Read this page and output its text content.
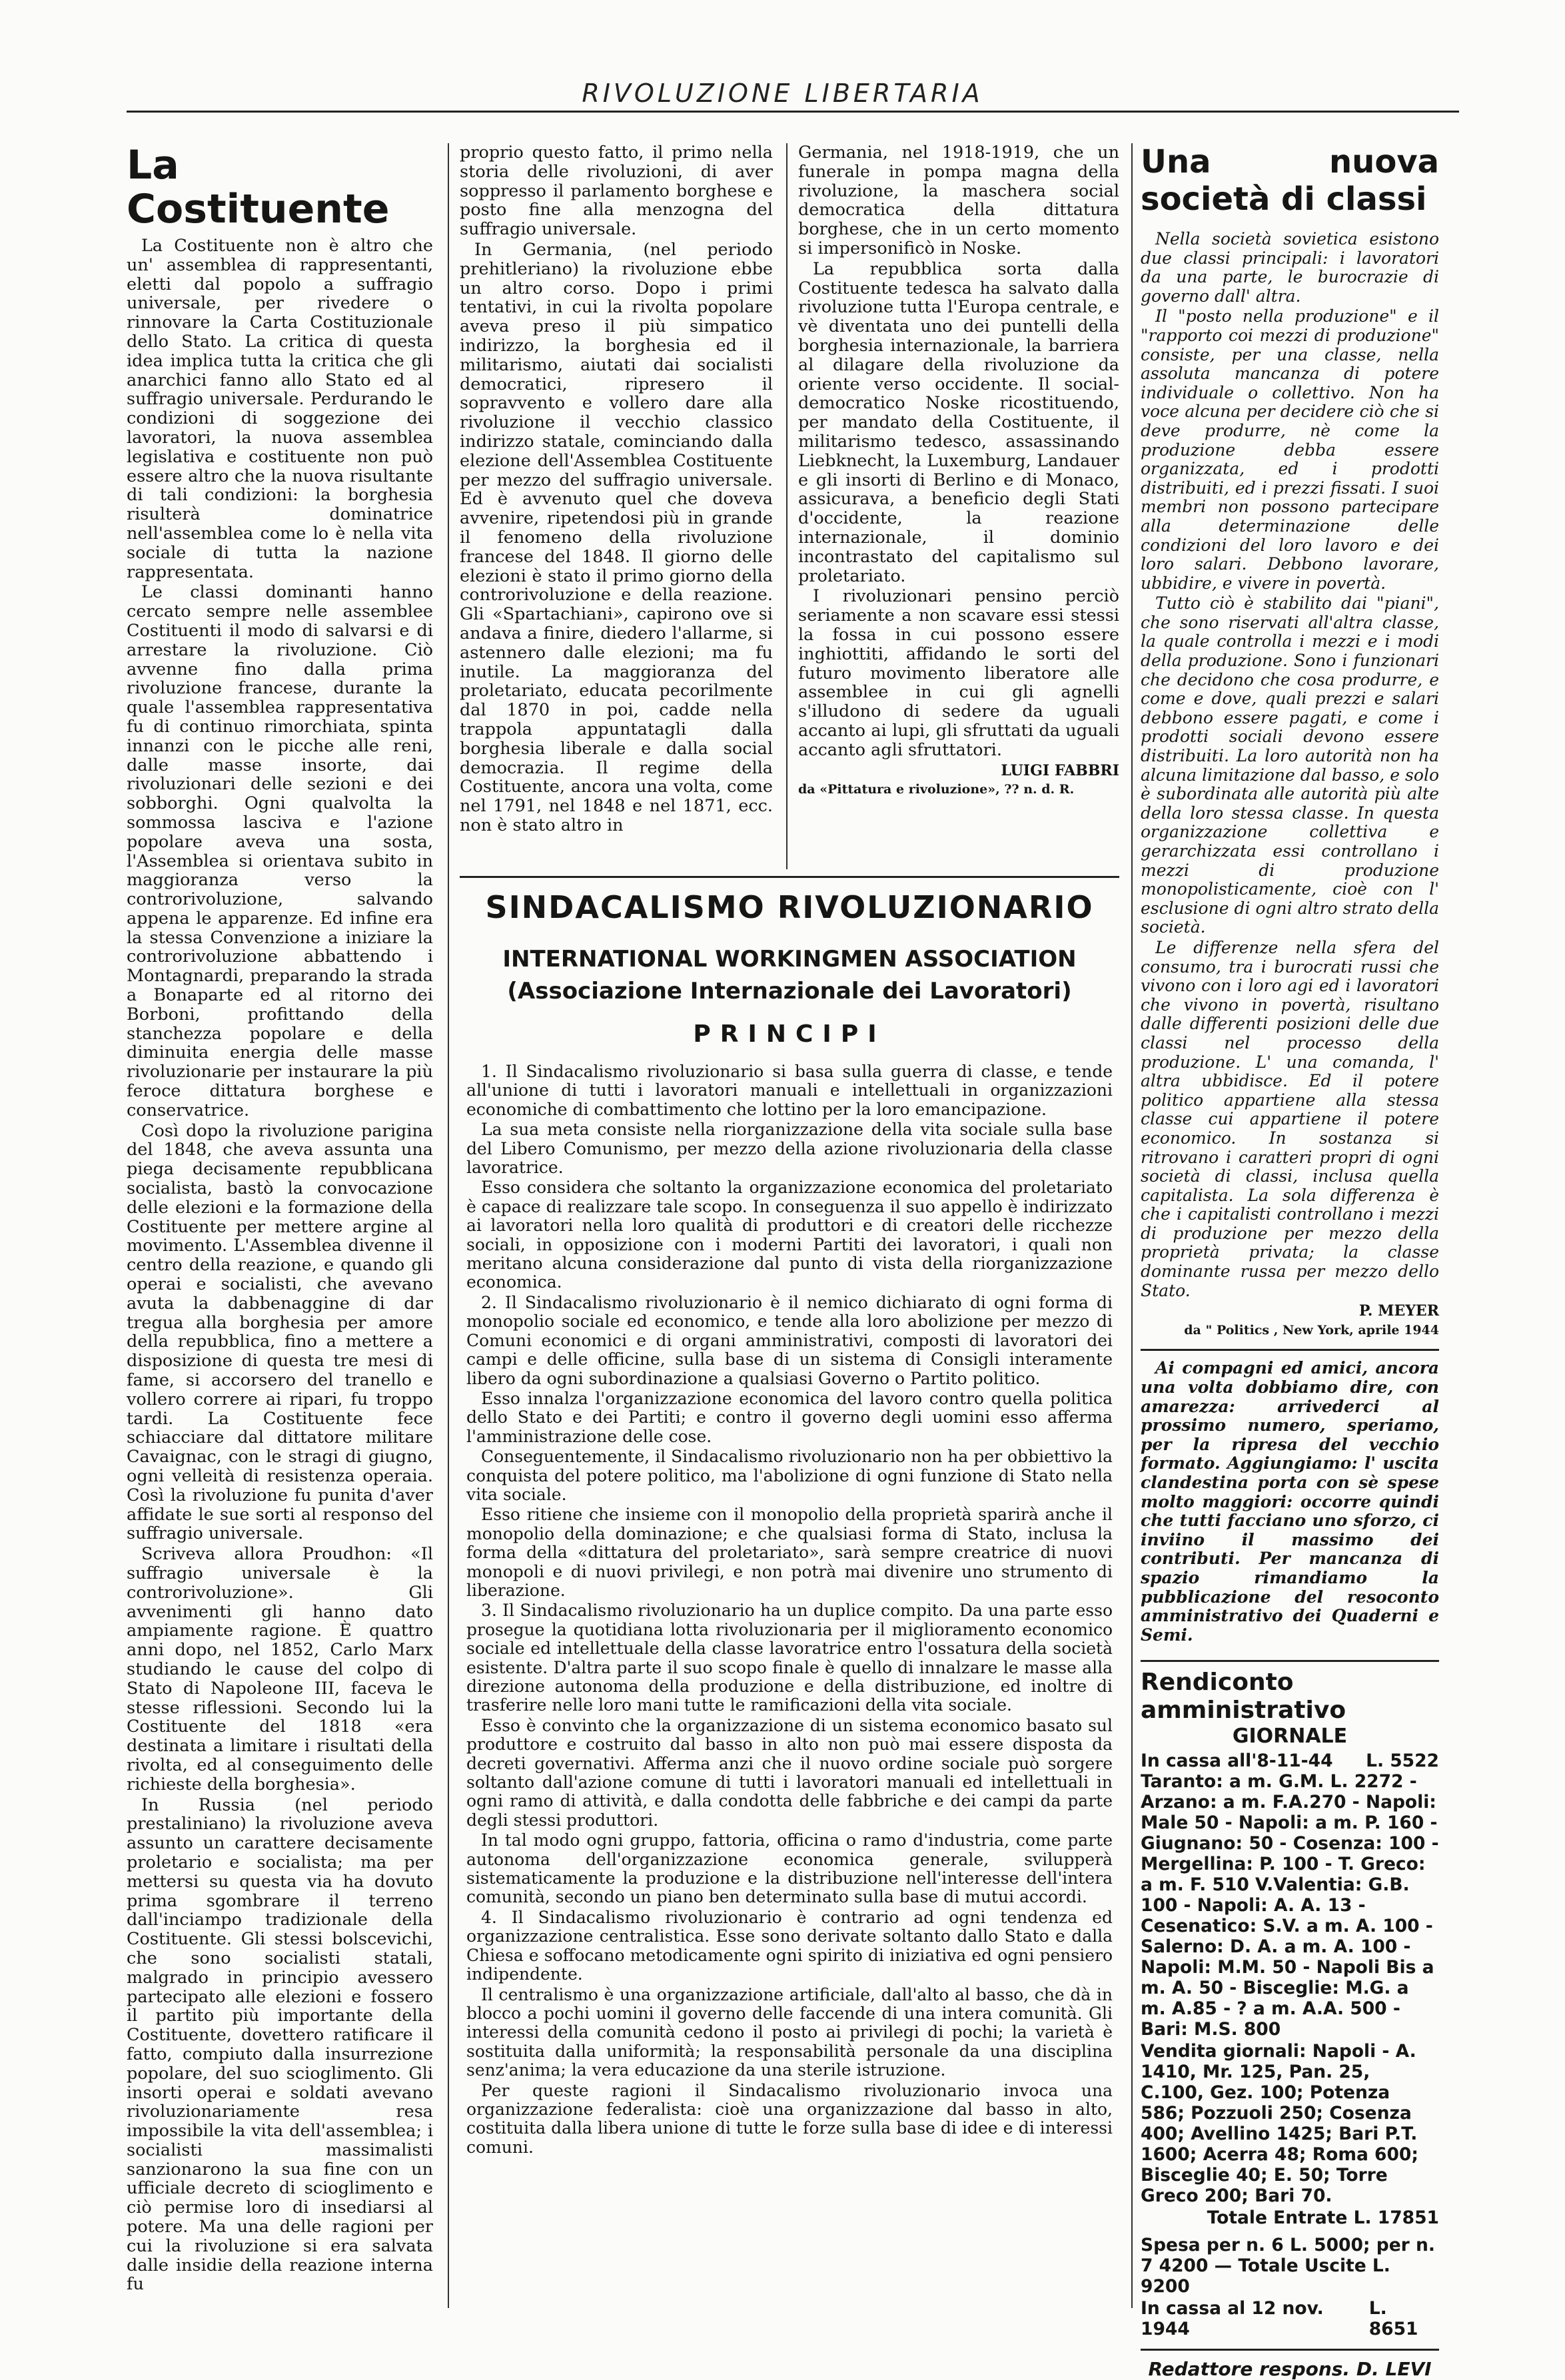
RIVOLUZIONE LIBERTARIA
La Costituente

La Costituente non è altro che un' assemblea di rappresentanti, eletti dal popolo a suffragio universale, per rivedere o rinnovare la Carta Costituzionale dello Stato. La critica di questa idea implica tutta la critica che gli anarchici fanno allo Stato ed al suffragio universale. Perdurando le condizioni di soggezione dei lavoratori, la nuova assemblea legislativa e costituente non può essere altro che la nuova risultante di tali condizioni: la borghesia risulterà dominatrice nell'assemblea come lo è nella vita sociale di tutta la nazione rappresentata.

Le classi dominanti hanno cercato sempre nelle assemblee Costituenti il modo di salvarsi e di arrestare la rivoluzione. Ciò avvenne fino dalla prima rivoluzione francese, durante la quale l'assemblea rappresentativa fu di continuo rimorchiata, spinta innanzi con le picche alle reni, dalle masse insorte, dai rivoluzionari delle sezioni e dei sobborghi. Ogni qualvolta la sommossa lasciva e l'azione popolare aveva una sosta, l'Assemblea si orientava subito in maggioranza verso la controrivoluzione, salvando appena le apparenze. Ed infine era la stessa Convenzione a iniziare la controrivoluzione abbattendo i Montagnardi, preparando la strada a Bonaparte ed al ritorno dei Borboni, profittando della stanchezza popolare e della diminuita energia delle masse rivoluzionarie per instaurare la più feroce dittatura borghese e conservatrice.

Così dopo la rivoluzione parigina del 1848, che aveva assunta una piega decisamente repubblicana socialista, bastò la convocazione delle elezioni e la formazione della Costituente per mettere argine al movimento. L'Assemblea divenne il centro della reazione, e quando gli operai e socialisti, che avevano avuta la dabbenaggine di dar tregua alla borghesia per amore della repubblica, fino a mettere a disposizione di questa tre mesi di fame, si accorsero del tranello e vollero correre ai ripari, fu troppo tardi. La Costituente fece schiacciare dal dittatore militare Cavaignac, con le stragi di giugno, ogni velleità di resistenza operaia. Così la rivoluzione fu punita d'aver affidate le sue sorti al responso del suffragio universale.

Scriveva allora Proudhon: «Il suffragio universale è la controrivoluzione». Gli avvenimenti gli hanno dato ampiamente ragione. È quattro anni dopo, nel 1852, Carlo Marx studiando le cause del colpo di Stato di Napoleone III, faceva le stesse riflessioni. Secondo lui la Costituente del 1818 «era destinata a limitare i risultati della rivolta, ed al conseguimento delle richieste della borghesia».

In Russia (nel periodo prestaliniano) la rivoluzione aveva assunto un carattere decisamente proletario e socialista; ma per mettersi su questa via ha dovuto prima sgombrare il terreno dall'inciampo tradizionale della Costituente. Gli stessi bolscevichi, che sono socialisti statali, malgrado in principio avessero partecipato alle elezioni e fossero il partito più importante della Costituente, dovettero ratificare il fatto, compiuto dalla insurrezione popolare, del suo scioglimento. Gli insorti operai e soldati avevano rivoluzionariamente resa impossibile la vita dell'assemblea; i socialisti massimalisti sanzionarono la sua fine con un ufficiale decreto di scioglimento e ciò permise loro di insediarsi al potere. Ma una delle ragioni per cui la rivoluzione si era salvata dalle insidie della reazione interna fu

proprio questo fatto, il primo nella storia delle rivoluzioni, di aver soppresso il parlamento borghese e posto fine alla menzogna del suffragio universale.

In Germania, (nel periodo prehitleriano) la rivoluzione ebbe un altro corso. Dopo i primi tentativi, in cui la rivolta popolare aveva preso il più simpatico indirizzo, la borghesia ed il militarismo, aiutati dai socialisti democratici, ripresero il sopravvento e vollero dare alla rivoluzione il vecchio classico indirizzo statale, cominciando dalla elezione dell'Assemblea Costituente per mezzo del suffragio universale. Ed è avvenuto quel che doveva avvenire, ripetendosi più in grande il fenomeno della rivoluzione francese del 1848. Il giorno delle elezioni è stato il primo giorno della controrivoluzione e della reazione. Gli «Spartachiani», capirono ove si andava a finire, diedero l'allarme, si astennero dalle elezioni; ma fu inutile. La maggioranza del proletariato, educata pecorilmente dal 1870 in poi, cadde nella trappola appuntatagli dalla borghesia liberale e dalla social democrazia. Il regime della Costituente, ancora una volta, come nel 1791, nel 1848 e nel 1871, ecc. non è stato altro in

Germania, nel 1918-1919, che un funerale in pompa magna della rivoluzione, la maschera social democratica della dittatura borghese, che in un certo momento si impersonificò in Noske.

La repubblica sorta dalla Costituente tedesca ha salvato dalla rivoluzione tutta l'Europa centrale, e vè diventata uno dei puntelli della borghesia internazionale, la barriera al dilagare della rivoluzione da oriente verso occidente. Il social-democratico Noske ricostituendo, per mandato della Costituente, il militarismo tedesco, assassinando Liebknecht, la Luxemburg, Landauer e gli insorti di Berlino e di Monaco, assicurava, a beneficio degli Stati d'occidente, la reazione internazionale, il dominio incontrastato del capitalismo sul proletariato.

I rivoluzionari pensino perciò seriamente a non scavare essi stessi la fossa in cui possono essere inghiottiti, affidando le sorti del futuro movimento liberatore alle assemblee in cui gli agnelli s'illudono di sedere da uguali accanto ai lupi, gli sfruttati da uguali accanto agli sfruttatori.

LUIGI FABBRI
da «Pittatura e rivoluzione», ?? n. d. R.
SINDACALISMO RIVOLUZIONARIO
INTERNATIONAL WORKINGMEN ASSOCIATION
(Associazione Internazionale dei Lavoratori)
PRINCIPI

1. Il Sindacalismo rivoluzionario si basa sulla guerra di classe, e tende all'unione di tutti i lavoratori manuali e intellettuali in organizzazioni economiche di combattimento che lottino per la loro emancipazione.

La sua meta consiste nella riorganizzazione della vita sociale sulla base del Libero Comunismo, per mezzo della azione rivoluzionaria della classe lavoratrice.

Esso considera che soltanto la organizzazione economica del proletariato è capace di realizzare tale scopo. In conseguenza il suo appello è indirizzato ai lavoratori nella loro qualità di produttori e di creatori delle ricchezze sociali, in opposizione con i moderni Partiti dei lavoratori, i quali non meritano alcuna considerazione dal punto di vista della riorganizzazione economica.

2. Il Sindacalismo rivoluzionario è il nemico dichiarato di ogni forma di monopolio sociale ed economico, e tende alla loro abolizione per mezzo di Comuni economici e di organi amministrativi, composti di lavoratori dei campi e delle officine, sulla base di un sistema di Consigli interamente libero da ogni subordinazione a qualsiasi Governo o Partito politico.

Esso innalza l'organizzazione economica del lavoro contro quella politica dello Stato e dei Partiti; e contro il governo degli uomini esso afferma l'amministrazione delle cose.

Conseguentemente, il Sindacalismo rivoluzionario non ha per obbiettivo la conquista del potere politico, ma l'abolizione di ogni funzione di Stato nella vita sociale.

Esso ritiene che insieme con il monopolio della proprietà sparirà anche il monopolio della dominazione; e che qualsiasi forma di Stato, inclusa la forma della «dittatura del proletariato», sarà sempre creatrice di nuovi monopoli e di nuovi privilegi, e non potrà mai divenire uno strumento di liberazione.

3. Il Sindacalismo rivoluzionario ha un duplice compito. Da una parte esso prosegue la quotidiana lotta rivoluzionaria per il miglioramento economico sociale ed intellettuale della classe lavoratrice entro l'ossatura della società esistente. D'altra parte il suo scopo finale è quello di innalzare le masse alla direzione autonoma della produzione e della distribuzione, ed inoltre di trasferire nelle loro mani tutte le ramificazioni della vita sociale.

Esso è convinto che la organizzazione di un sistema economico basato sul produttore e costruito dal basso in alto non può mai essere disposta da decreti governativi. Afferma anzi che il nuovo ordine sociale può sorgere soltanto dall'azione comune di tutti i lavoratori manuali ed intellettuali in ogni ramo di attività, e dalla condotta delle fabbriche e dei campi da parte degli stessi produttori.

In tal modo ogni gruppo, fattoria, officina o ramo d'industria, come parte autonoma dell'organizzazione economica generale, svilupperà sistematicamente la produzione e la distribuzione nell'interesse dell'intera comunità, secondo un piano ben determinato sulla base di mutui accordi.

4. Il Sindacalismo rivoluzionario è contrario ad ogni tendenza ed organizzazione centralistica. Esse sono derivate soltanto dallo Stato e dalla Chiesa e soffocano metodicamente ogni spirito di iniziativa ed ogni pensiero indipendente.

Il centralismo è una organizzazione artificiale, dall'alto al basso, che dà in blocco a pochi uomini il governo delle faccende di una intera comunità. Gli interessi della comunità cedono il posto ai privilegi di pochi; la varietà è sostituita dalla uniformità; la responsabilità personale da una disciplina senz'anima; la vera educazione da una sterile istruzione.

Per queste ragioni il Sindacalismo rivoluzionario invoca una organizzazione federalista: cioè una organizzazione dal basso in alto, costituita dalla libera unione di tutte le forze sulla base di idee e di interessi comuni.

Una nuova società di classi

Nella società sovietica esistono due classi principali: i lavoratori da una parte, le burocrazie di governo dall' altra.

Il "posto nella produzione" e il "rapporto coi mezzi di produzione" consiste, per una classe, nella assoluta mancanza di potere individuale o collettivo. Non ha voce alcuna per decidere ciò che si deve produrre, nè come la produzione debba essere organizzata, ed i prodotti distribuiti, ed i prezzi fissati. I suoi membri non possono partecipare alla determinazione delle condizioni del loro lavoro e dei loro salari. Debbono lavorare, ubbidire, e vivere in povertà.

Tutto ciò è stabilito dai "piani", che sono riservati all'altra classe, la quale controlla i mezzi e i modi della produzione. Sono i funzionari che decidono che cosa produrre, e come e dove, quali prezzi e salari debbono essere pagati, e come i prodotti sociali devono essere distribuiti. La loro autorità non ha alcuna limitazione dal basso, e solo è subordinata alle autorità più alte della loro stessa classe. In questa organizzazione collettiva e gerarchizzata essi controllano i mezzi di produzione monopolisticamente, cioè con l' esclusione di ogni altro strato della società.

Le differenze nella sfera del consumo, tra i burocrati russi che vivono con i loro agi ed i lavoratori che vivono in povertà, risultano dalle differenti posizioni delle due classi nel processo della produzione. L' una comanda, l' altra ubbidisce. Ed il potere politico appartiene alla stessa classe cui appartiene il potere economico. In sostanza si ritrovano i caratteri propri di ogni società di classi, inclusa quella capitalista. La sola differenza è che i capitalisti controllano i mezzi di produzione per mezzo della proprietà privata; la classe dominante russa per mezzo dello Stato.

P. MEYER
da " Politics , New York, aprile 1944

Ai compagni ed amici, ancora una volta dobbiamo dire, con amarezza: arrivederci al prossimo numero, speriamo, per la ripresa del vecchio formato. Aggiungiamo: l' uscita clandestina porta con sè spese molto maggiori: occorre quindi che tutti facciano uno sforzo, ci inviino il massimo dei contributi. Per mancanza di spazio rimandiamo la pubblicazione del resoconto amministrativo dei Quaderni e Semi.

Rendiconto amministrativo
GIORNALE
In cassa all'8-11-44 L. 5522

Taranto: a m. G.M. L. 2272 - Arzano: a m. F.A.270 - Napoli: Male 50 - Napoli: a m. P. 160 - Giugnano: 50 - Cosenza: 100 - Mergellina: P. 100 - T. Greco: a m. F. 510 V.Valentia: G.B. 100 - Napoli: A. A. 13 - Cesenatico: S.V. a m. A. 100 - Salerno: D. A. a m. A. 100 - Napoli: M.M. 50 - Napoli Bis a m. A. 50 - Bisceglie: M.G. a m. A.85 - ? a m. A.A. 500 - Bari: M.S. 800

Vendita giornali: Napoli - A. 1410, Mr. 125, Pan. 25, C.100, Gez. 100; Potenza 586; Pozzuoli 250; Cosenza 400; Avellino 1425; Bari P.T. 1600; Acerra 48; Roma 600; Bisceglie 40; E. 50; Torre Greco 200; Bari 70.

Totale Entrate L. 17851

Spesa per n. 6 L. 5000; per n. 7 4200 — Totale Uscite L. 9200

In cassa al 12 nov. 1944
L. 8651
Redattore respons. D. LEVI
